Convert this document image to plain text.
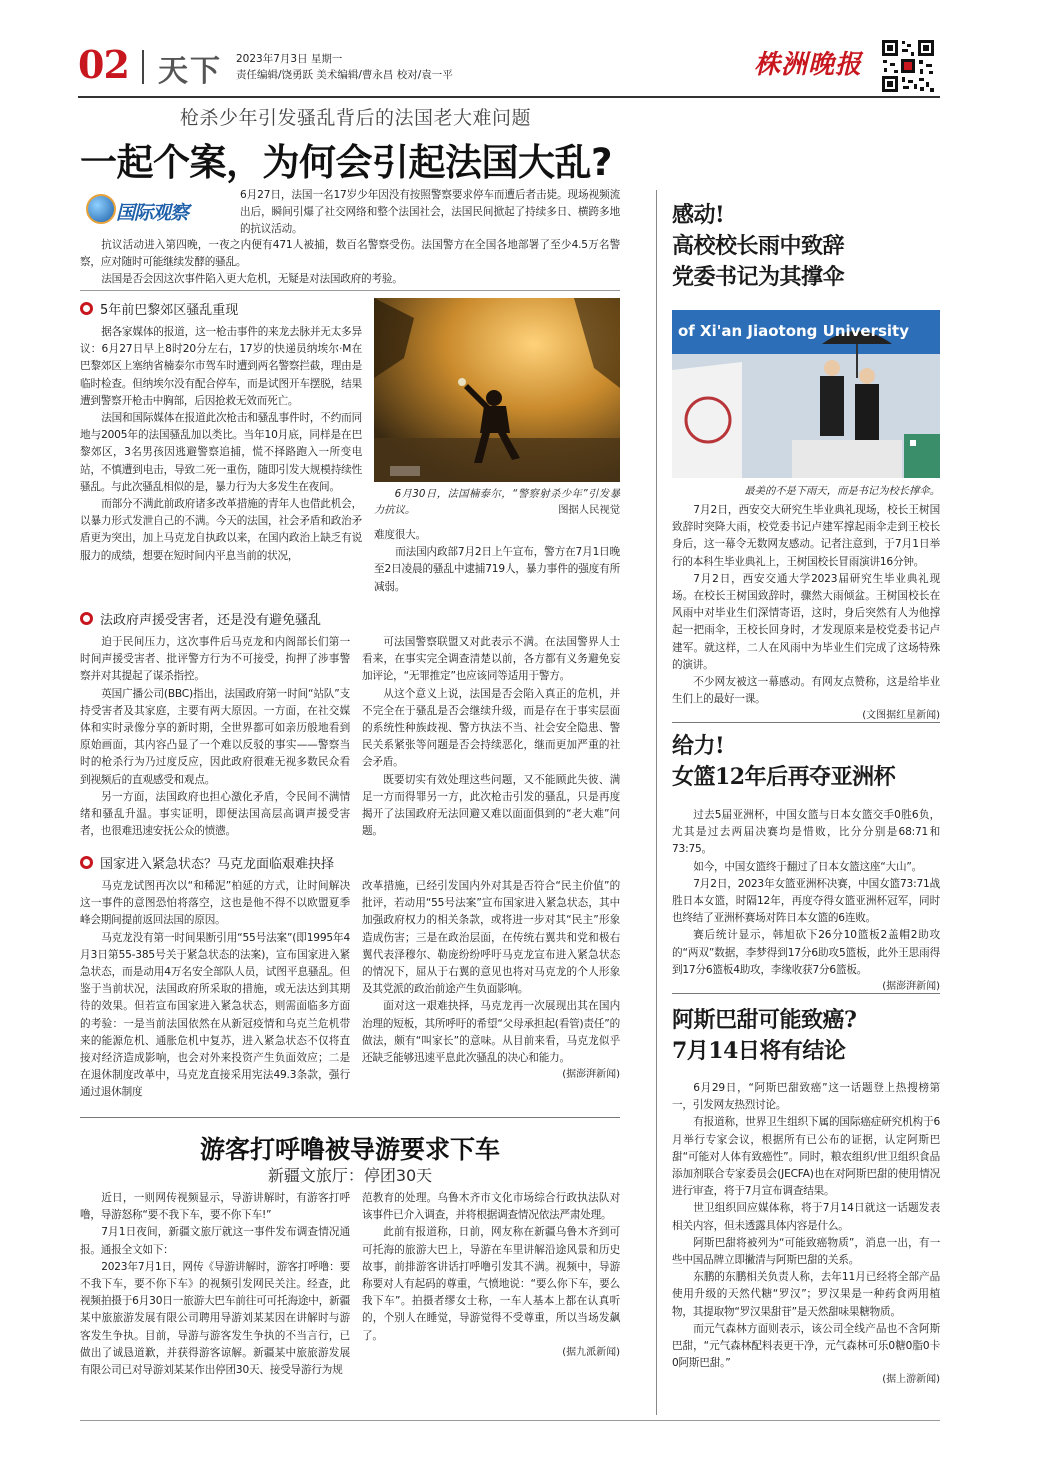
02 天下 2023年7月3日 星期一
责任编辑/饶勇跃 美术编辑/曹永昌 校对/袁一平	株洲晚报
枪杀少年引发骚乱背后的法国老大难问题
一起个案，为何会引起法国大乱?
国际观察

6月27日，法国一名17岁少年因没有按照警察要求停车而遭后者击毙。现场视频流出后，瞬间引爆了社交网络和整个法国社会，法国民间掀起了持续多日、横跨多地的抗议活动。

抗议活动进入第四晚，一夜之内便有471人被捕，数百名警察受伤。法国警方在全国各地部署了至少4.5万名警察，应对随时可能继续发酵的骚乱。

法国是否会因这次事件陷入更大危机，无疑是对法国政府的考验。

5年前巴黎郊区骚乱重现

据各家媒体的报道，这一枪击事件的来龙去脉并无太多异议：6月27日早上8时20分左右，17岁的快递员纳埃尔·M在巴黎郊区上塞纳省楠泰尔市驾车时遭到两名警察拦截，理由是临时检查。但纳埃尔没有配合停车，而是试图开车摆脱，结果遭到警察开枪击中胸部，后因抢救无效而死亡。

法国和国际媒体在报道此次枪击和骚乱事件时，不约而同地与2005年的法国骚乱加以类比。当年10月底，同样是在巴黎郊区，3名男孩因逃避警察追捕，慌不择路跑入一所变电站，不慎遭到电击，导致二死一重伤，随即引发大规模持续性骚乱。与此次骚乱相似的是，暴力行为大多发生在夜间。

而部分不满此前政府诸多改革措施的青年人也借此机会，以暴力形式发泄自己的不满。今天的法国，社会矛盾和政治矛盾更为突出，加上马克龙自执政以来，在国内政治上缺乏有说服力的成绩，想要在短时间内平息当前的状况，

6月30日，法国楠泰尔，“警察射杀少年”引发暴力抗议。	图据人民视觉

难度很大。

而法国内政部7月2日上午宣布，警方在7月1日晚至2日凌晨的骚乱中逮捕719人，暴力事件的强度有所减弱。

法政府声援受害者，还是没有避免骚乱

迫于民间压力，这次事件后马克龙和内阁部长们第一时间声援受害者、批评警方行为不可接受，拘押了涉事警察并对其提起了谋杀指控。

英国广播公司(BBC)指出，法国政府第一时间“站队”支持受害者及其家庭，主要有两大原因。一方面，在社交媒体和实时录像分享的新时期，全世界都可如亲历般地看到原始画面，其内容凸显了一个难以反驳的事实——警察当时的枪杀行为乃过度反应，因此政府很难无视多数民众看到视频后的直观感受和观点。

另一方面，法国政府也担心激化矛盾，令民间不满情绪和骚乱升温。事实证明，即便法国高层高调声援受害者，也很难迅速安抚公众的愤懑。

可法国警察联盟又对此表示不满。在法国警界人士看来，在事实完全调查清楚以前，各方都有义务避免妄加评论，“无罪推定”也应该同等适用于警方。

从这个意义上说，法国是否会陷入真正的危机，并不完全在于骚乱是否会继续升级，而是存在于事实层面的系统性种族歧视、警方执法不当、社会安全隐患、警民关系紧张等问题是否会持续恶化，继而更加严重的社会矛盾。

既要切实有效处理这些问题，又不能顾此失彼、满足一方而得罪另一方，此次枪击引发的骚乱，只是再度揭开了法国政府无法回避又难以面面俱到的“老大难”问题。

国家进入紧急状态？马克龙面临艰难抉择

马克龙试图再次以“和稀泥”柏延的方式，让时间解决这一事件的意图恐怕将落空，这也是他不得不以欧盟夏季峰会期间提前返回法国的原因。

马克龙没有第一时间果断引用“55号法案”(即1995年4月3日第55-385号关于紧急状态的法案)，宣布国家进入紧急状态，而是动用4万名安全部队人员，试图平息骚乱。但鉴于当前状况，法国政府所采取的措施，或无法达到其期待的效果。但若宣布国家进入紧急状态，则需面临多方面的考验：一是当前法国依然在从新冠疫情和乌克兰危机带来的能源危机、通胀危机中复苏，进入紧急状态不仅将直接对经济造成影响，也会对外来投资产生负面效应；二是在退休制度改革中，马克龙直接采用宪法49.3条款，强行通过退休制度

改革措施，已经引发国内外对其是否符合“民主价值”的批评，若动用“55号法案”宣布国家进入紧急状态，其中加强政府权力的相关条款，或将进一步对其“民主”形象造成伤害；三是在政治层面，在传统右翼共和党和极右翼代表泽穆尔、勒庞纷纷呼吁马克龙宣布进入紧急状态的情况下，屈从于右翼的意见也将对马克龙的个人形象及其党派的政治前途产生负面影响。

面对这一艰难抉择，马克龙再一次展现出其在国内治理的短板，其所呼吁的希望“父母承担起(看管)责任”的做法，颇有“叫家长”的意味。从目前来看，马克龙似乎还缺乏能够迅速平息此次骚乱的决心和能力。

(据澎湃新闻)

游客打呼噜被导游要求下车
新疆文旅厅：停团30天

近日，一则网传视频显示，导游讲解时，有游客打呼噜，导游怒称“要不我下车，要不你下车!”

7月1日夜间，新疆文旅厅就这一事件发布调查情况通报。通报全文如下：

2023年7月1日，网传《导游讲解时，游客打呼噜：要不我下车，要不你下车》的视频引发网民关注。经查，此视频拍摄于6月30日一旅游大巴车前往可可托海途中，新疆某中旅旅游发展有限公司聘用导游刘某某因在讲解时与游客发生争执。目前，导游与游客发生争执的不当言行，已做出了诚恳道歉，并获得游客谅解。新疆某中旅旅游发展有限公司已对导游刘某某作出停团30天、接受导游行为规

范教育的处理。乌鲁木齐市文化市场综合行政执法队对该事件已介入调查，并将根据调查情况依法严肃处理。

此前有报道称，日前，网友称在新疆乌鲁木齐到可可托海的旅游大巴上，导游在车里讲解沿途风景和历史故事，前排游客讲话打呼噜引发其不满。视频中，导游称要对人有起码的尊重，气愤地说：“要么你下车，要么我下车”。拍摄者缪女士称，一车人基本上都在认真听的，个别人在睡觉，导游觉得不受尊重，所以当场发飙了。

(据九派新闻)

感动!
高校校长雨中致辞
党委书记为其撑伞
of Xi'an Jiaotong University
最美的不是下雨天，而是书记为校长撑伞。

7月2日，西安交大研究生毕业典礼现场，校长王树国致辞时突降大雨，校党委书记卢建军撑起雨伞走到王校长身后，这一幕令无数网友感动。记者注意到，于7月1日举行的本科生毕业典礼上，王树国校长冒雨演讲16分钟。

7月2日，西安交通大学2023届研究生毕业典礼现场。在校长王树国致辞时，骤然大雨倾盆。王树国校长在风雨中对毕业生们深情寄语，这时，身后突然有人为他撑起一把雨伞，王校长回身时，才发现原来是校党委书记卢建军。就这样，二人在风雨中为毕业生们完成了这场特殊的演讲。

不少网友被这一幕感动。有网友点赞称，这是给毕业生们上的最好一课。

(文图据红星新闻)

给力!
女篮12年后再夺亚洲杯

过去5届亚洲杯，中国女篮与日本女篮交手0胜6负，尤其是过去两届决赛均是惜败，比分分别是68:71和73:75。

如今，中国女篮终于翻过了日本女篮这座“大山”。

7月2日，2023年女篮亚洲杯决赛，中国女篮73:71战胜日本女篮，时隔12年，再度夺得女篮亚洲杯冠军，同时也终结了亚洲杯赛场对阵日本女篮的6连败。

赛后统计显示，韩旭砍下26分10篮板2盖帽2助攻的“两双”数据，李梦得到17分6助攻5篮板，此外王思雨得到17分6篮板4助攻，李缘收获7分6篮板。

(据澎湃新闻)

阿斯巴甜可能致癌?
7月14日将有结论

6月29日，“阿斯巴甜致癌”这一话题登上热搜榜第一，引发网友热烈讨论。

有报道称，世界卫生组织下属的国际癌症研究机构于6月举行专家会议，根据所有已公布的证据，认定阿斯巴甜“可能对人体有致癌性”。同时，粮农组织/世卫组织食品添加剂联合专家委员会(JECFA)也在对阿斯巴甜的使用情况进行审查，将于7月宣布调查结果。

世卫组织回应媒体称，将于7月14日就这一话题发表相关内容，但未透露具体内容是什么。

阿斯巴甜将被列为“可能致癌物质”，消息一出，有一些中国品牌立即撇清与阿斯巴甜的关系。

东鹏的东鹏相关负责人称，去年11月已经将全部产品使用升级的天然代糖“罗汉”；罗汉果是一种药食两用植物，其提取物“罗汉果甜苷”是天然甜味果糖物质。

而元气森林方面则表示，该公司全线产品也不含阿斯巴甜，“元气森林配料表更干净，元气森林可乐0糖0脂0卡0阿斯巴甜。”

(据上游新闻)
